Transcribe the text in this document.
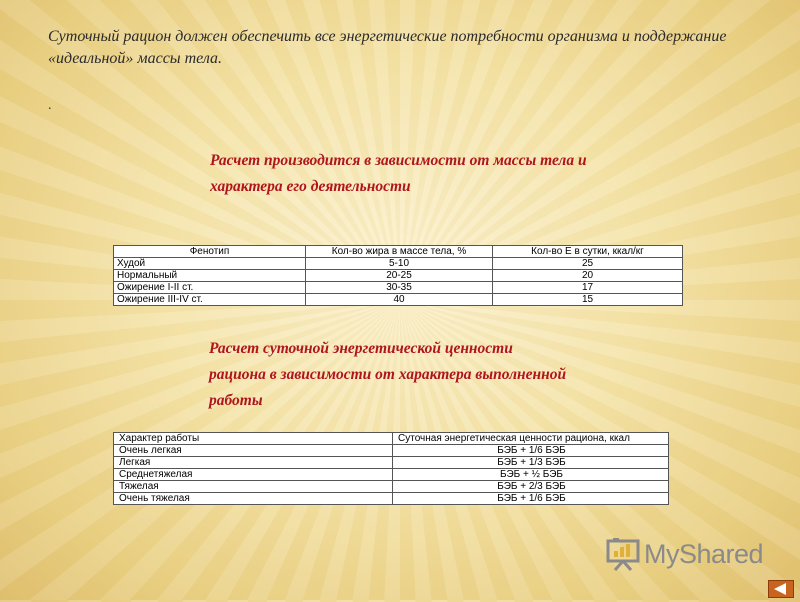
Суточный рацион должен обеспечить все энергетические потребности организма и поддержание «идеальной» массы тела.
.
Расчет производится в зависимости от массы тела и характера его деятельности
Фенотип	Кол-во жира в массе тела, %	Кол-во Е в сутки, ккал/кг
Худой	5-10	25
Нормальный	20-25	20
Ожирение I-II ст.	30-35	17
Ожирение III-IV ст.	40	15
Расчет суточной энергетической ценности рациона в зависимости от характера выполненной работы
Характер работы	Суточная энергетическая ценности рациона, ккал
Очень легкая	БЭБ + 1/6 БЭБ
Легкая	БЭБ + 1/3 БЭБ
Среднетяжелая	БЭБ + ½ БЭБ
Тяжелая	БЭБ + 2/3 БЭБ
Очень тяжелая	БЭБ + 1/6 БЭБ
MyShared
